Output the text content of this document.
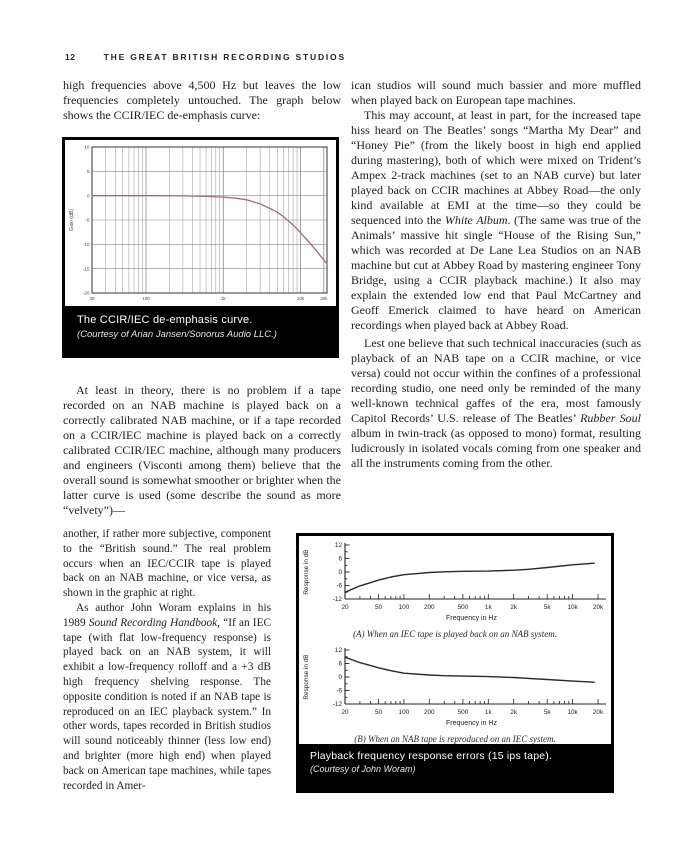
12	THE GREAT BRITISH RECORDING STUDIOS

high frequencies above 4,500 Hz but leaves the low frequencies completely untouched. The graph below shows the CCIR/IEC de-emphasis curve:

10
5
0
-5
-10
-15
-20
20	100	1k	10k	20k
Gain (dB)
The CCIR/IEC de-emphasis curve.
(Courtesy of Arian Jansen/Sonorus Audio LLC.)

At least in theory, there is no problem if a tape recorded on an NAB machine is played back on a correctly calibrated NAB machine, or if a tape recorded on a CCIR/IEC machine is played back on a correctly calibrated CCIR/IEC machine, although many producers and engineers (Visconti among them) believe that the overall sound is somewhat smoother or brighter when the latter curve is used (some describe the sound as more “velvety”)—

another, if rather more subjective, component to the “British sound.” The real problem occurs when an IEC/CCIR tape is played back on an NAB machine, or vice versa, as shown in the graphic at right.

As author John Woram explains in his 1989 Sound Recording Handbook, “If an IEC tape (with flat low-frequency response) is played back on an NAB system, it will exhibit a low-frequency rolloff and a +3 dB high frequency shelving response. The opposite condition is noted if an NAB tape is reproduced on an IEC playback system.” In other words, tapes recorded in British studios will sound noticeably thinner (less low end) and brighter (more high end) when played back on American tape machines, while tapes recorded in Amer-

ican studios will sound much bassier and more muffled when played back on European tape machines.

This may account, at least in part, for the increased tape hiss heard on The Beatles’ songs “Martha My Dear” and “Honey Pie” (from the likely boost in high end applied during mastering), both of which were mixed on Trident’s Ampex 2-track machines (set to an NAB curve) but later played back on CCIR machines at Abbey Road—the only kind available at EMI at the time—so they could be sequenced into the White Album. (The same was true of the Animals’ massive hit single “House of the Rising Sun,” which was recorded at De Lane Lea Studios on an NAB machine but cut at Abbey Road by mastering engineer Tony Bridge, using a CCIR playback machine.) It also may explain the extended low end that Paul McCartney and Geoff Emerick claimed to have heard on American recordings when played back at Abbey Road.

Lest one believe that such technical inaccuracies (such as playback of an NAB tape on a CCIR machine, or vice versa) could not occur within the confines of a professional recording studio, one need only be reminded of the many well-known technical gaffes of the era, most famously Capitol Records’ U.S. release of The Beatles’ Rubber Soul album in twin-track (as opposed to mono) format, resulting ludicrously in isolated vocals coming from one speaker and all the instruments coming from the other.

12
6
0
-6
-12
20	50	100 200	500	1k	2k	5k	10k 20k
Frequency in Hz
Response in dB
(A) When an IEC tape is played back on an NAB system.
12
6
0
-6
-12
20	50	100 200	500	1k	2k	5k	10k 20k
Frequency in Hz
Response in dB
(B) When an NAB tape is reproduced on an IEC system.
Playback frequency response errors (15 ips tape).
(Courtesy of John Woram)
